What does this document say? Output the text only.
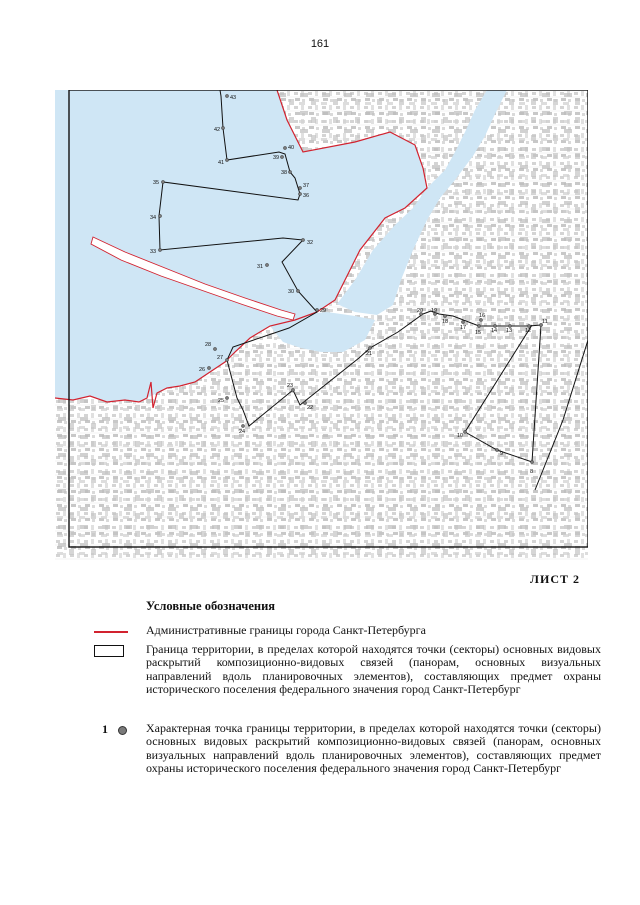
161
8
9
10
11
12
13
14
15
16
17
18
19
20
21
22
23
24
25
26
27
28
29
30
31
32
33
34
35
36
37
38
39
40
41
42
43
ЛИСТ 2
Условные обозначения
Административные границы города Санкт-Петербурга
Граница территории, в пределах которой находятся точки (секторы) основных видовых раскрытий композиционно-видовых связей (панорам, основных визуальных направлений вдоль планировочных элементов), составляющих предмет охраны исторического поселения федерального значения город Санкт-Петербург
1	Характерная точка границы территории, в пределах которой находятся точки (секторы) основных видовых раскрытий композиционно-видовых связей (панорам, основных визуальных направлений вдоль планировочных элементов), составляющих предмет охраны исторического поселения федерального значения город Санкт-Петербург
